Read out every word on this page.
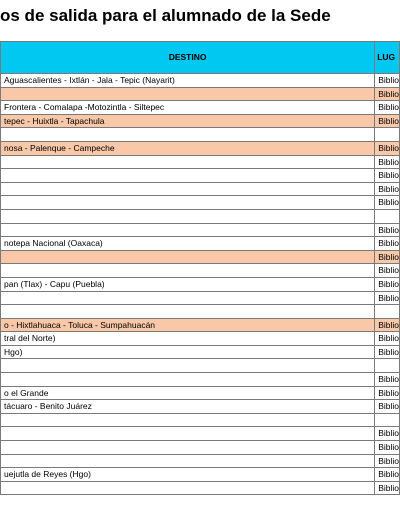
os de salida para el alumnado de la Sede
DESTINO	LUG
Aguascalientes - Ixtlán - Jala - Tepic (Nayarit)	Biblio
	Biblio
Frontera - Comalapa -Motozintla - Siltepec	Biblio
tepec - Huixtla - Tapachula	Biblio

nosa - Palenque - Campeche	Biblio
	Biblio
	Biblio
	Biblio
	Biblio

	Biblio
notepa Nacional (Oaxaca)	Biblio
	Biblio
	Biblio
pan (Tlax) - Capu (Puebla)	Biblio
	Biblio

o - Hixtlahuaca - Toluca - Sumpahuacán	Biblio
tral del Norte)	Biblio
Hgo)	Biblio

	Biblio
o el Grande	Biblio
tácuaro - Benito Juárez	Biblio

	Biblio
	Biblio
	Biblio
uejutla de Reyes (Hgo)	Biblio
	Biblio
